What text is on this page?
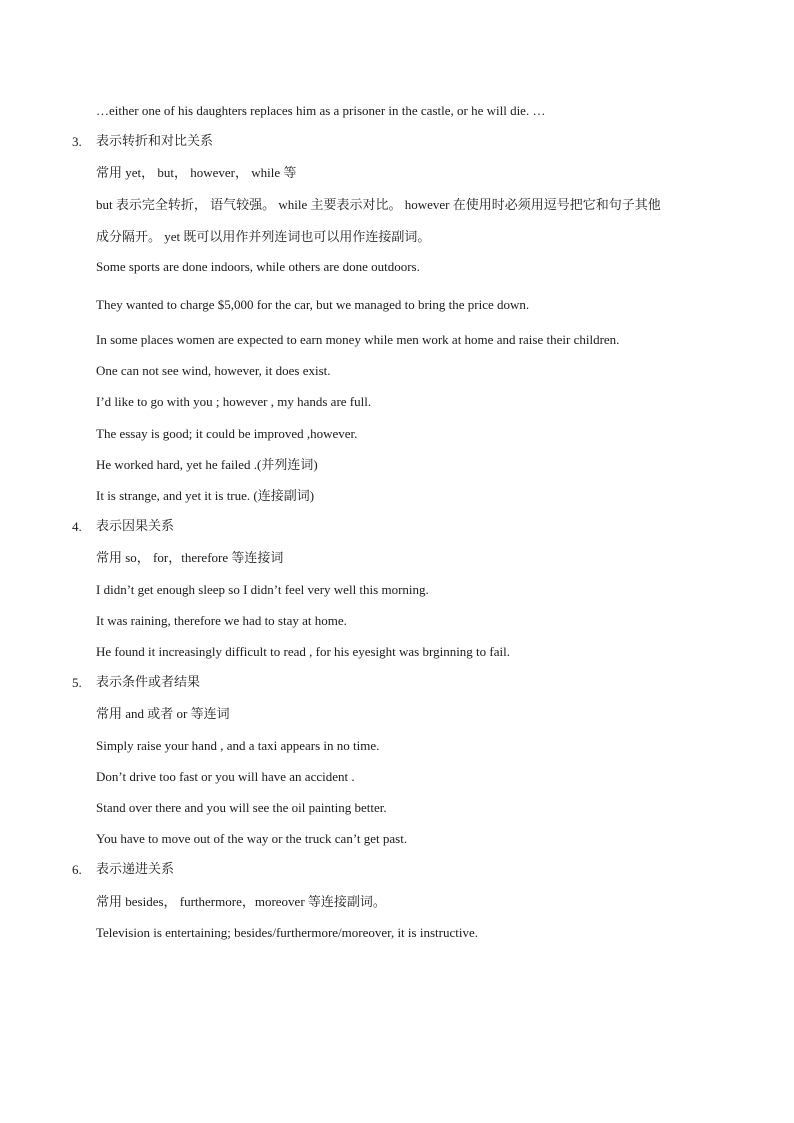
…either one of his daughters replaces him as a prisoner in the castle, or he will die. …
3. 表示转折和对比关系
常用 yet， but， however， while 等
but 表示完全转折， 语气较强。 while 主要表示对比。 however 在使用时必须用逗号把它和句子其他
成分隔开。 yet 既可以用作并列连词也可以用作连接副词。
Some sports are done indoors, while others are done outdoors.
They wanted to charge $5,000 for the car, but we managed to bring the price down.
In some places women are expected to earn money while men work at home and raise their children.
One can not see wind, however, it does exist.
I’d like to go with you ; however , my hands are full.
The essay is good; it could be improved ,however.
He worked hard, yet he failed .(并列连词)
It is strange, and yet it is true. (连接副词)
4. 表示因果关系
常用 so， for，therefore 等连接词
I didn’t get enough sleep so I didn’t feel very well this morning.
It was raining, therefore we had to stay at home.
He found it increasingly difficult to read , for his eyesight was brginning to fail.
5. 表示条件或者结果
常用 and 或者 or 等连词
Simply raise your hand , and a taxi appears in no time.
Don’t drive too fast or you will have an accident .
Stand over there and you will see the oil painting better.
You have to move out of the way or the truck can’t get past.
6. 表示递进关系
常用 besides， furthermore，moreover 等连接副词。
Television is entertaining; besides/furthermore/moreover, it is instructive.
